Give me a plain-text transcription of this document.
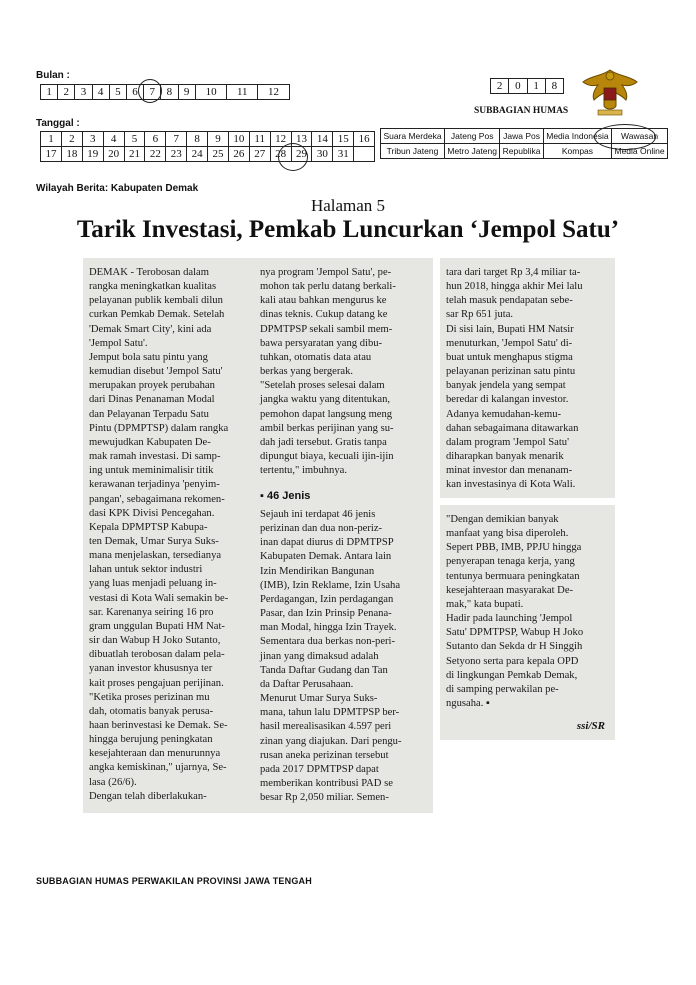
Bulan :
1	2	3	4	5	6	7	8	9	10	11	12
Tanggal :
1	2	3	4	5	6	7	8	9	10	11	12	13	14	15	16
17	18	19	20	21	22	23	24	25	26	27	28	29	30	31	
2	0	1	8
SUBBAGIAN HUMAS
Suara Merdeka	Jateng Pos	Jawa Pos	Media Indonesia	Wawasan
Tribun Jateng	Metro Jateng	Republika	Kompas	Media Online
Wilayah Berita: Kabupaten Demak
Halaman 5
Tarik Investasi, Pemkab Luncurkan ‘Jempol Satu’
DEMAK - Terobosan dalam
rangka meningkatkan kualitas
pelayanan publik kembali dilun
curkan Pemkab Demak. Setelah
'Demak Smart City', kini ada
'Jempol Satu'.
Jemput bola satu pintu yang
kemudian disebut 'Jempol Satu'
merupakan proyek perubahan
dari Dinas Penanaman Modal
dan Pelayanan Terpadu Satu
Pintu (DPMPTSP) dalam rangka
mewujudkan Kabupaten De-
mak ramah investasi. Di samp-
ing untuk meminimalisir titik
kerawanan terjadinya 'penyim-
pangan', sebagaimana rekomen-
dasi KPK Divisi Pencegahan.
Kepala DPMPTSP Kabupa-
ten Demak, Umar Surya Suks-
mana menjelaskan, tersedianya
lahan untuk sektor industri
yang luas menjadi peluang in-
vestasi di Kota Wali semakin be-
sar. Karenanya seiring 16 pro
gram unggulan Bupati HM Nat-
sir dan Wabup H Joko Sutanto,
dibuatlah terobosan dalam pela-
yanan investor khususnya ter
kait proses pengajuan perijinan.
"Ketika proses perizinan mu
dah, otomatis banyak perusa-
haan berinvestasi ke Demak. Se-
hingga berujung peningkatan
kesejahteraan dan menurunnya
angka kemiskinan," ujarnya, Se-
lasa (26/6).
Dengan telah diberlakukan-
nya program 'Jempol Satu', pe-
mohon tak perlu datang berkali-
kali atau bahkan mengurus ke
dinas teknis. Cukup datang ke
DPMTPSP sekali sambil mem-
bawa persyaratan yang dibu-
tuhkan, otomatis data atau
berkas yang bergerak.
"Setelah proses selesai dalam
jangka waktu yang ditentukan,
pemohon dapat langsung meng
ambil berkas perijinan yang su-
dah jadi tersebut. Gratis tanpa
dipungut biaya, kecuali ijin-ijin
tertentu," imbuhnya.
▪ 46 Jenis
Sejauh ini terdapat 46 jenis
perizinan dan dua non-periz-
inan dapat diurus di DPMTPSP
Kabupaten Demak. Antara lain
Izin Mendirikan Bangunan
(IMB), Izin Reklame, Izin Usaha
Perdagangan, Izin perdagangan
Pasar, dan Izin Prinsip Penana-
man Modal, hingga Izin Trayek.
Sementara dua berkas non-peri-
jinan yang dimaksud adalah
Tanda Daftar Gudang dan Tan
da Daftar Perusahaan.
Menurut Umar Surya Suks-
mana, tahun lalu DPMTPSP ber-
hasil merealisasikan 4.597 peri
zinan yang diajukan. Dari pengu-
rusan aneka perizinan tersebut
pada 2017 DPMTPSP dapat
memberikan kontribusi PAD se
besar Rp 2,050 miliar. Semen-
tara dari target Rp 3,4 miliar ta-
hun 2018, hingga akhir Mei lalu
telah masuk pendapatan sebe-
sar Rp 651 juta.
Di sisi lain, Bupati HM Natsir
menuturkan, 'Jempol Satu' di-
buat untuk menghapus stigma
pelayanan perizinan satu pintu
banyak jendela yang sempat
beredar di kalangan investor.
Adanya kemudahan-kemu-
dahan sebagaimana ditawarkan
dalam program 'Jempol Satu'
diharapkan banyak menarik
minat investor dan menanam-
kan investasinya di Kota Wali.
"Dengan demikian banyak
manfaat yang bisa diperoleh.
Sepert PBB, IMB, PPJU hingga
penyerapan tenaga kerja, yang
tentunya bermuara peningkatan
kesejahteraan masyarakat De-
mak," kata bupati.
Hadir pada launching 'Jempol
Satu' DPMTPSP, Wabup H Joko
Sutanto dan Sekda dr H Singgih
Setyono serta para kepala OPD
di lingkungan Pemkab Demak,
di samping perwakilan pe-
ngusaha. ▪
ssi/SR
SUBBAGIAN HUMAS PERWAKILAN PROVINSI JAWA TENGAH
